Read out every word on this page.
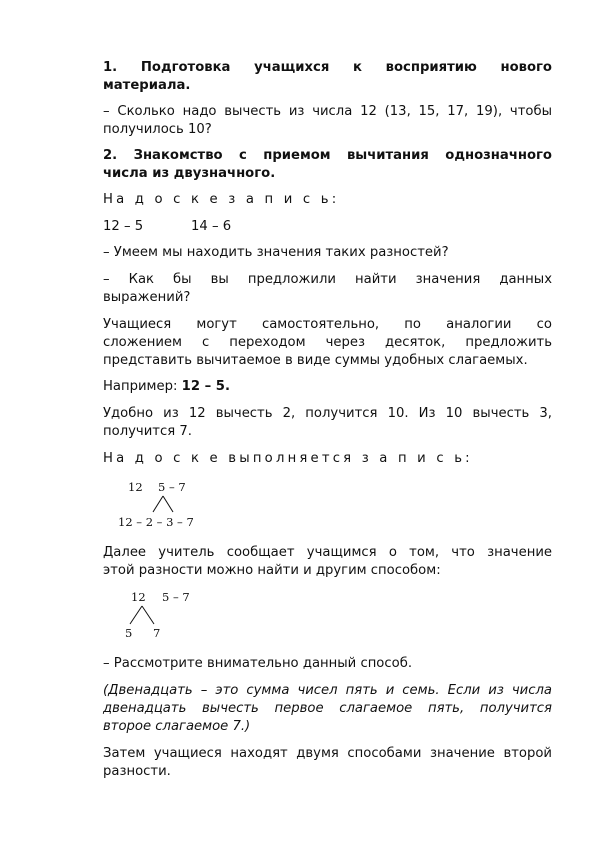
1. Подготовка учащихся к восприятию нового

материала.

– Сколько надо вычесть из числа 12 (13, 15, 17, 19), чтобы

получилось 10?

2. Знакомство с приемом вычитания однозначного

числа из двузначного.

На д о с к е з а п и с ь:

12 – 5	14 – 6

– Умеем мы находить значения таких разностей?

– Как бы вы предложили найти значения данных

выражений?

Учащиеся могут самостоятельно, по аналогии со

сложением с переходом через десяток, предложить

представить вычитаемое в виде суммы удобных слагаемых.

Например: 12 – 5.

Удобно из 12 вычесть 2, получится 10. Из 10 вычесть 3,

получится 7.

На д о с к е выполняется з а п и с ь:

12 5 – 7
12 – 2 – 3 – 7

Далее учитель сообщает учащимся о том, что значение

этой разности можно найти и другим способом:

12 5 – 7
5 7

– Рассмотрите внимательно данный способ.

(Двенадцать – это сумма чисел пять и семь. Если из числа

двенадцать вычесть первое слагаемое пять, получится

второе слагаемое 7.)

Затем учащиеся находят двумя способами значение второй

разности.
